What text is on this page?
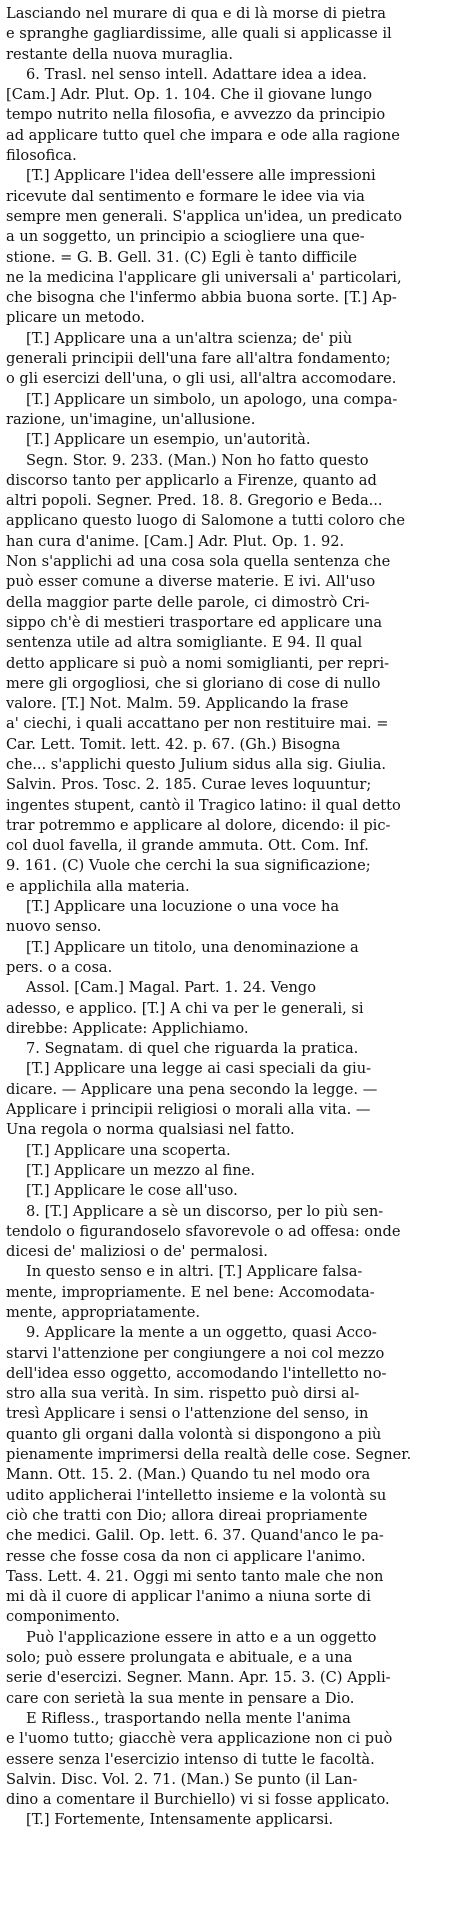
Lasciando nel murare di qua e di là morse di pietra
e spranghe gagliardissime, alle quali si applicasse il
restante della nuova muraglia.
6. Trasl. nel senso intell. Adattare idea a idea.
[Cam.] Adr. Plut. Op. 1. 104. Che il giovane lungo
tempo nutrito nella filosofia, e avvezzo da principio
ad applicare tutto quel che impara e ode alla ragione
filosofica.
[T.] Applicare l'idea dell'essere alle impressioni
ricevute dal sentimento e formare le idee via via
sempre men generali. S'applica un'idea, un predicato
a un soggetto, un principio a sciogliere una que-
stione. = G. B. Gell. 31. (C) Egli è tanto difficile
ne la medicina l'applicare gli universali a' particolari,
che bisogna che l'infermo abbia buona sorte. [T.] Ap-
plicare un metodo.
[T.] Applicare una a un'altra scienza; de' più
generali principii dell'una fare all'altra fondamento;
o gli esercizi dell'una, o gli usi, all'altra accomodare.
[T.] Applicare un simbolo, un apologo, una compa-
razione, un'imagine, un'allusione.
[T.] Applicare un esempio, un'autorità.
Segn. Stor. 9. 233. (Man.) Non ho fatto questo
discorso tanto per applicarlo a Firenze, quanto ad
altri popoli. Segner. Pred. 18. 8. Gregorio e Beda...
applicano questo luogo di Salomone a tutti coloro che
han cura d'anime. [Cam.] Adr. Plut. Op. 1. 92.
Non s'applichi ad una cosa sola quella sentenza che
può esser comune a diverse materie. E ivi. All'uso
della maggior parte delle parole, ci dimostrò Cri-
sippo ch'è di mestieri trasportare ed applicare una
sentenza utile ad altra somigliante. E 94. Il qual
detto applicare si può a nomi somiglianti, per repri-
mere gli orgogliosi, che si gloriano di cose di nullo
valore. [T.] Not. Malm. 59. Applicando la frase
a' ciechi, i quali accattano per non restituire mai. =
Car. Lett. Tomit. lett. 42. p. 67. (Gh.) Bisogna
che... s'applichi questo Julium sidus alla sig. Giulia.
Salvin. Pros. Tosc. 2. 185. Curae leves loquuntur;
ingentes stupent, cantò il Tragico latino: il qual detto
trar potremmo e applicare al dolore, dicendo: il pic-
col duol favella, il grande ammuta. Ott. Com. Inf.
9. 161. (C) Vuole che cerchi la sua significazione;
e applichila alla materia.
[T.] Applicare una locuzione o una voce ha
nuovo senso.
[T.] Applicare un titolo, una denominazione a
pers. o a cosa.
Assol. [Cam.] Magal. Part. 1. 24. Vengo
adesso, e applico. [T.] A chi va per le generali, si
direbbe: Applicate: Applichiamo.
7. Segnatam. di quel che riguarda la pratica.
[T.] Applicare una legge ai casi speciali da giu-
dicare. — Applicare una pena secondo la legge. —
Applicare i principii religiosi o morali alla vita. —
Una regola o norma qualsiasi nel fatto.
[T.] Applicare una scoperta.
[T.] Applicare un mezzo al fine.
[T.] Applicare le cose all'uso.
8. [T.] Applicare a sè un discorso, per lo più sen-
tendolo o figurandoselo sfavorevole o ad offesa: onde
dicesi de' maliziosi o de' permalosi.
In questo senso e in altri. [T.] Applicare falsa-
mente, impropriamente. E nel bene: Accomodata-
mente, appropriatamente.
9. Applicare la mente a un oggetto, quasi Acco-
starvi l'attenzione per congiungere a noi col mezzo
dell'idea esso oggetto, accomodando l'intelletto no-
stro alla sua verità. In sim. rispetto può dirsi al-
tresì Applicare i sensi o l'attenzione del senso, in
quanto gli organi dalla volontà si dispongono a più
pienamente imprimersi della realtà delle cose. Segner.
Mann. Ott. 15. 2. (Man.) Quando tu nel modo ora
udito applicherai l'intelletto insieme e la volontà su
ciò che tratti con Dio; allora direai propriamente
che medici. Galil. Op. lett. 6. 37. Quand'anco le pa-
resse che fosse cosa da non ci applicare l'animo.
Tass. Lett. 4. 21. Oggi mi sento tanto male che non
mi dà il cuore di applicar l'animo a niuna sorte di
componimento.
Può l'applicazione essere in atto e a un oggetto
solo; può essere prolungata e abituale, e a una
serie d'esercizi. Segner. Mann. Apr. 15. 3. (C) Appli-
care con serietà la sua mente in pensare a Dio.
E Rifless., trasportando nella mente l'anima
e l'uomo tutto; giacchè vera applicazione non ci può
essere senza l'esercizio intenso di tutte le facoltà.
Salvin. Disc. Vol. 2. 71. (Man.) Se punto (il Lan-
dino a comentare il Burchiello) vi si fosse applicato.
[T.] Fortemente, Intensamente applicarsi.
